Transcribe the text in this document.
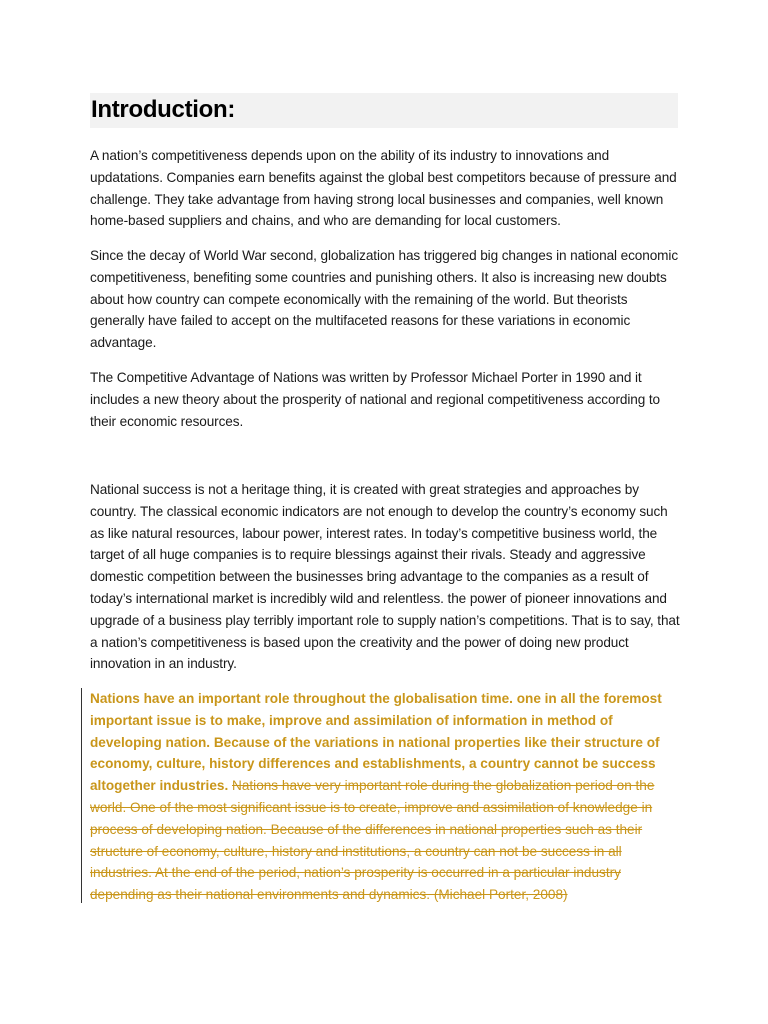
Introduction:

A nation’s competitiveness depends upon on the ability of its industry to innovations and updatations. Companies earn benefits against the global best competitors because of pressure and challenge. They take advantage from having strong local businesses and companies, well known home-based suppliers and chains, and who are demanding for local customers.

Since the decay of World War second, globalization has triggered big changes in national economic competitiveness, benefiting some countries and punishing others. It also is increasing new doubts about how country can compete economically with the remaining of the world. But theorists generally have failed to accept on the multifaceted reasons for these variations in economic advantage.

The Competitive Advantage of Nations was written by Professor Michael Porter in 1990 and it includes a new theory about the prosperity of national and regional competitiveness according to their economic resources.

National success is not a heritage thing, it is created with great strategies and approaches by country. The classical economic indicators are not enough to develop the country’s economy such as like natural resources, labour power, interest rates. In today’s competitive business world, the target of all huge companies is to require blessings against their rivals. Steady and aggressive domestic competition between the businesses bring advantage to the companies as a result of today’s international market is incredibly wild and relentless. the power of pioneer innovations and upgrade of a business play terribly important role to supply nation’s competitions. That is to say, that a nation’s competitiveness is based upon the creativity and the power of doing new product innovation in an industry.

Nations have an important role throughout the globalisation time. one in all the foremost important issue is to make, improve and assimilation of information in method of developing nation. Because of the variations in national properties like their structure of economy, culture, history differences and establishments, a country cannot be success altogether industries. Nations have very important role during the globalization period on the world. One of the most significant issue is to create, improve and assimilation of knowledge in process of developing nation. Because of the differences in national properties such as their structure of economy, culture, history and institutions, a country can not be success in all industries. At the end of the period, nation’s prosperity is occurred in a particular industry depending as their national environments and dynamics. (Michael Porter, 2008)
